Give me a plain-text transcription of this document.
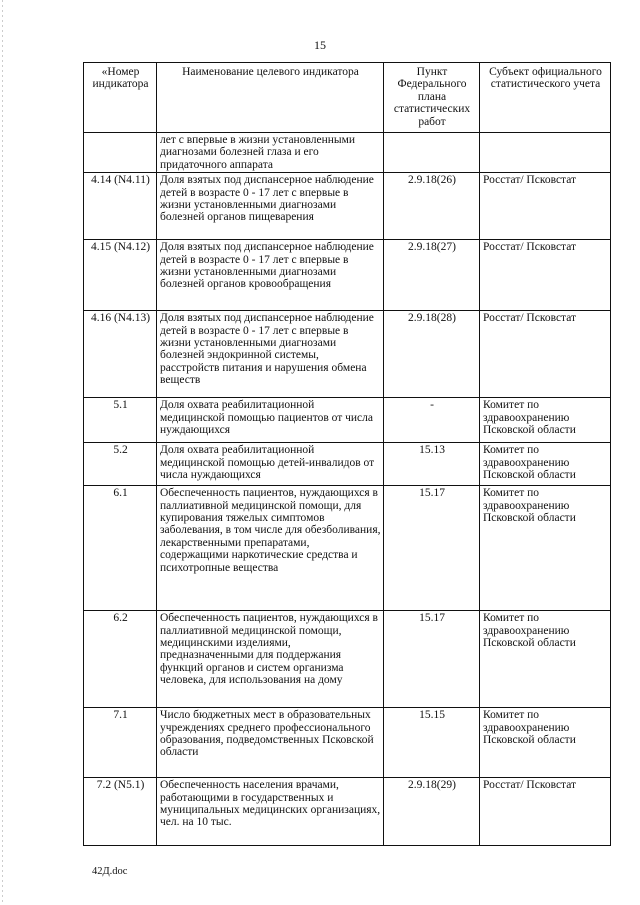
15
«Номер индикатора	Наименование целевого индикатора	Пункт Федерального плана статистических работ	Субъект официального статистического учета
	лет с впервые в жизни установленными диагнозами болезней глаза и его придаточного аппарата		
4.14 (N4.11)	Доля взятых под диспансерное наблюдение детей в возрасте 0 - 17 лет с впервые в жизни установленными диагнозами болезней органов пищеварения	2.9.18(26)	Росстат/ Псковстат
4.15 (N4.12)	Доля взятых под диспансерное наблюдение детей в возрасте 0 - 17 лет с впервые в жизни установленными диагнозами болезней органов кровообращения	2.9.18(27)	Росстат/ Псковстат
4.16 (N4.13)	Доля взятых под диспансерное наблюдение детей в возрасте 0 - 17 лет с впервые в жизни установленными диагнозами болезней эндокринной системы, расстройств питания и нарушения обмена веществ	2.9.18(28)	Росстат/ Псковстат
5.1	Доля охвата реабилитационной медицинской помощью пациентов от числа нуждающихся	-	Комитет по здравоохранению Псковской области
5.2	Доля охвата реабилитационной медицинской помощью детей-инвалидов от числа нуждающихся	15.13	Комитет по здравоохранению Псковской области
6.1	Обеспеченность пациентов, нуждающихся в паллиативной медицинской помощи, для купирования тяжелых симптомов заболевания, в том числе для обезболивания, лекарственными препаратами, содержащими наркотические средства и психотропные вещества	15.17	Комитет по здравоохранению Псковской области
6.2	Обеспеченность пациентов, нуждающихся в паллиативной медицинской помощи, медицинскими изделиями, предназначенными для поддержания функций органов и систем организма человека, для использования на дому	15.17	Комитет по здравоохранению Псковской области
7.1	Число бюджетных мест в образовательных учреждениях среднего профессионального образования, подведомственных Псковской области	15.15	Комитет по здравоохранению Псковской области
7.2 (N5.1)	Обеспеченность населения врачами, работающими в государственных и муниципальных медицинских организациях, чел. на 10 тыс.	2.9.18(29)	Росстат/ Псковстат
42Д.doc
